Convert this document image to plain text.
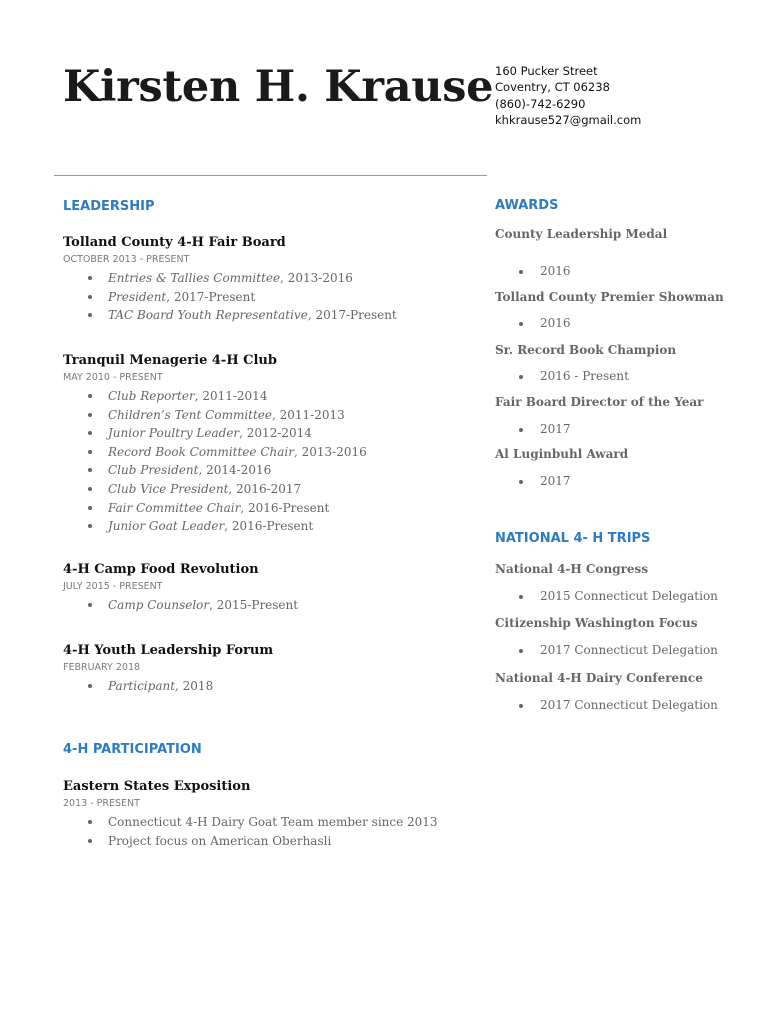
Kirsten H. Krause 160 Pucker Street
Coventry, CT 06238
(860)-742-6290
khkrause527@gmail.com
LEADERSHIP
Tolland County 4-H Fair Board
OCTOBER 2013 - PRESENT
Entries & Tallies Committee, 2013-2016
President, 2017-Present
TAC Board Youth Representative, 2017-Present
Tranquil Menagerie 4-H Club
MAY 2010 - PRESENT
Club Reporter, 2011-2014
Children’s Tent Committee, 2011-2013
Junior Poultry Leader, 2012-2014
Record Book Committee Chair, 2013-2016
Club President, 2014-2016
Club Vice President, 2016-2017
Fair Committee Chair, 2016-Present
Junior Goat Leader, 2016-Present
4-H Camp Food Revolution
JULY 2015 - PRESENT
Camp Counselor, 2015-Present
4-H Youth Leadership Forum
FEBRUARY 2018
Participant, 2018
4-H PARTICIPATION
Eastern States Exposition
2013 - PRESENT
Connecticut 4-H Dairy Goat Team member since 2013
Project focus on American Oberhasli
AWARDS
County Leadership Medal
2016
Tolland County Premier Showman
2016
Sr. Record Book Champion
2016 - Present
Fair Board Director of the Year
2017
Al Luginbuhl Award
2017
NATIONAL 4- H TRIPS
National 4-H Congress
2015 Connecticut Delegation
Citizenship Washington Focus
2017 Connecticut Delegation
National 4-H Dairy Conference
2017 Connecticut Delegation
